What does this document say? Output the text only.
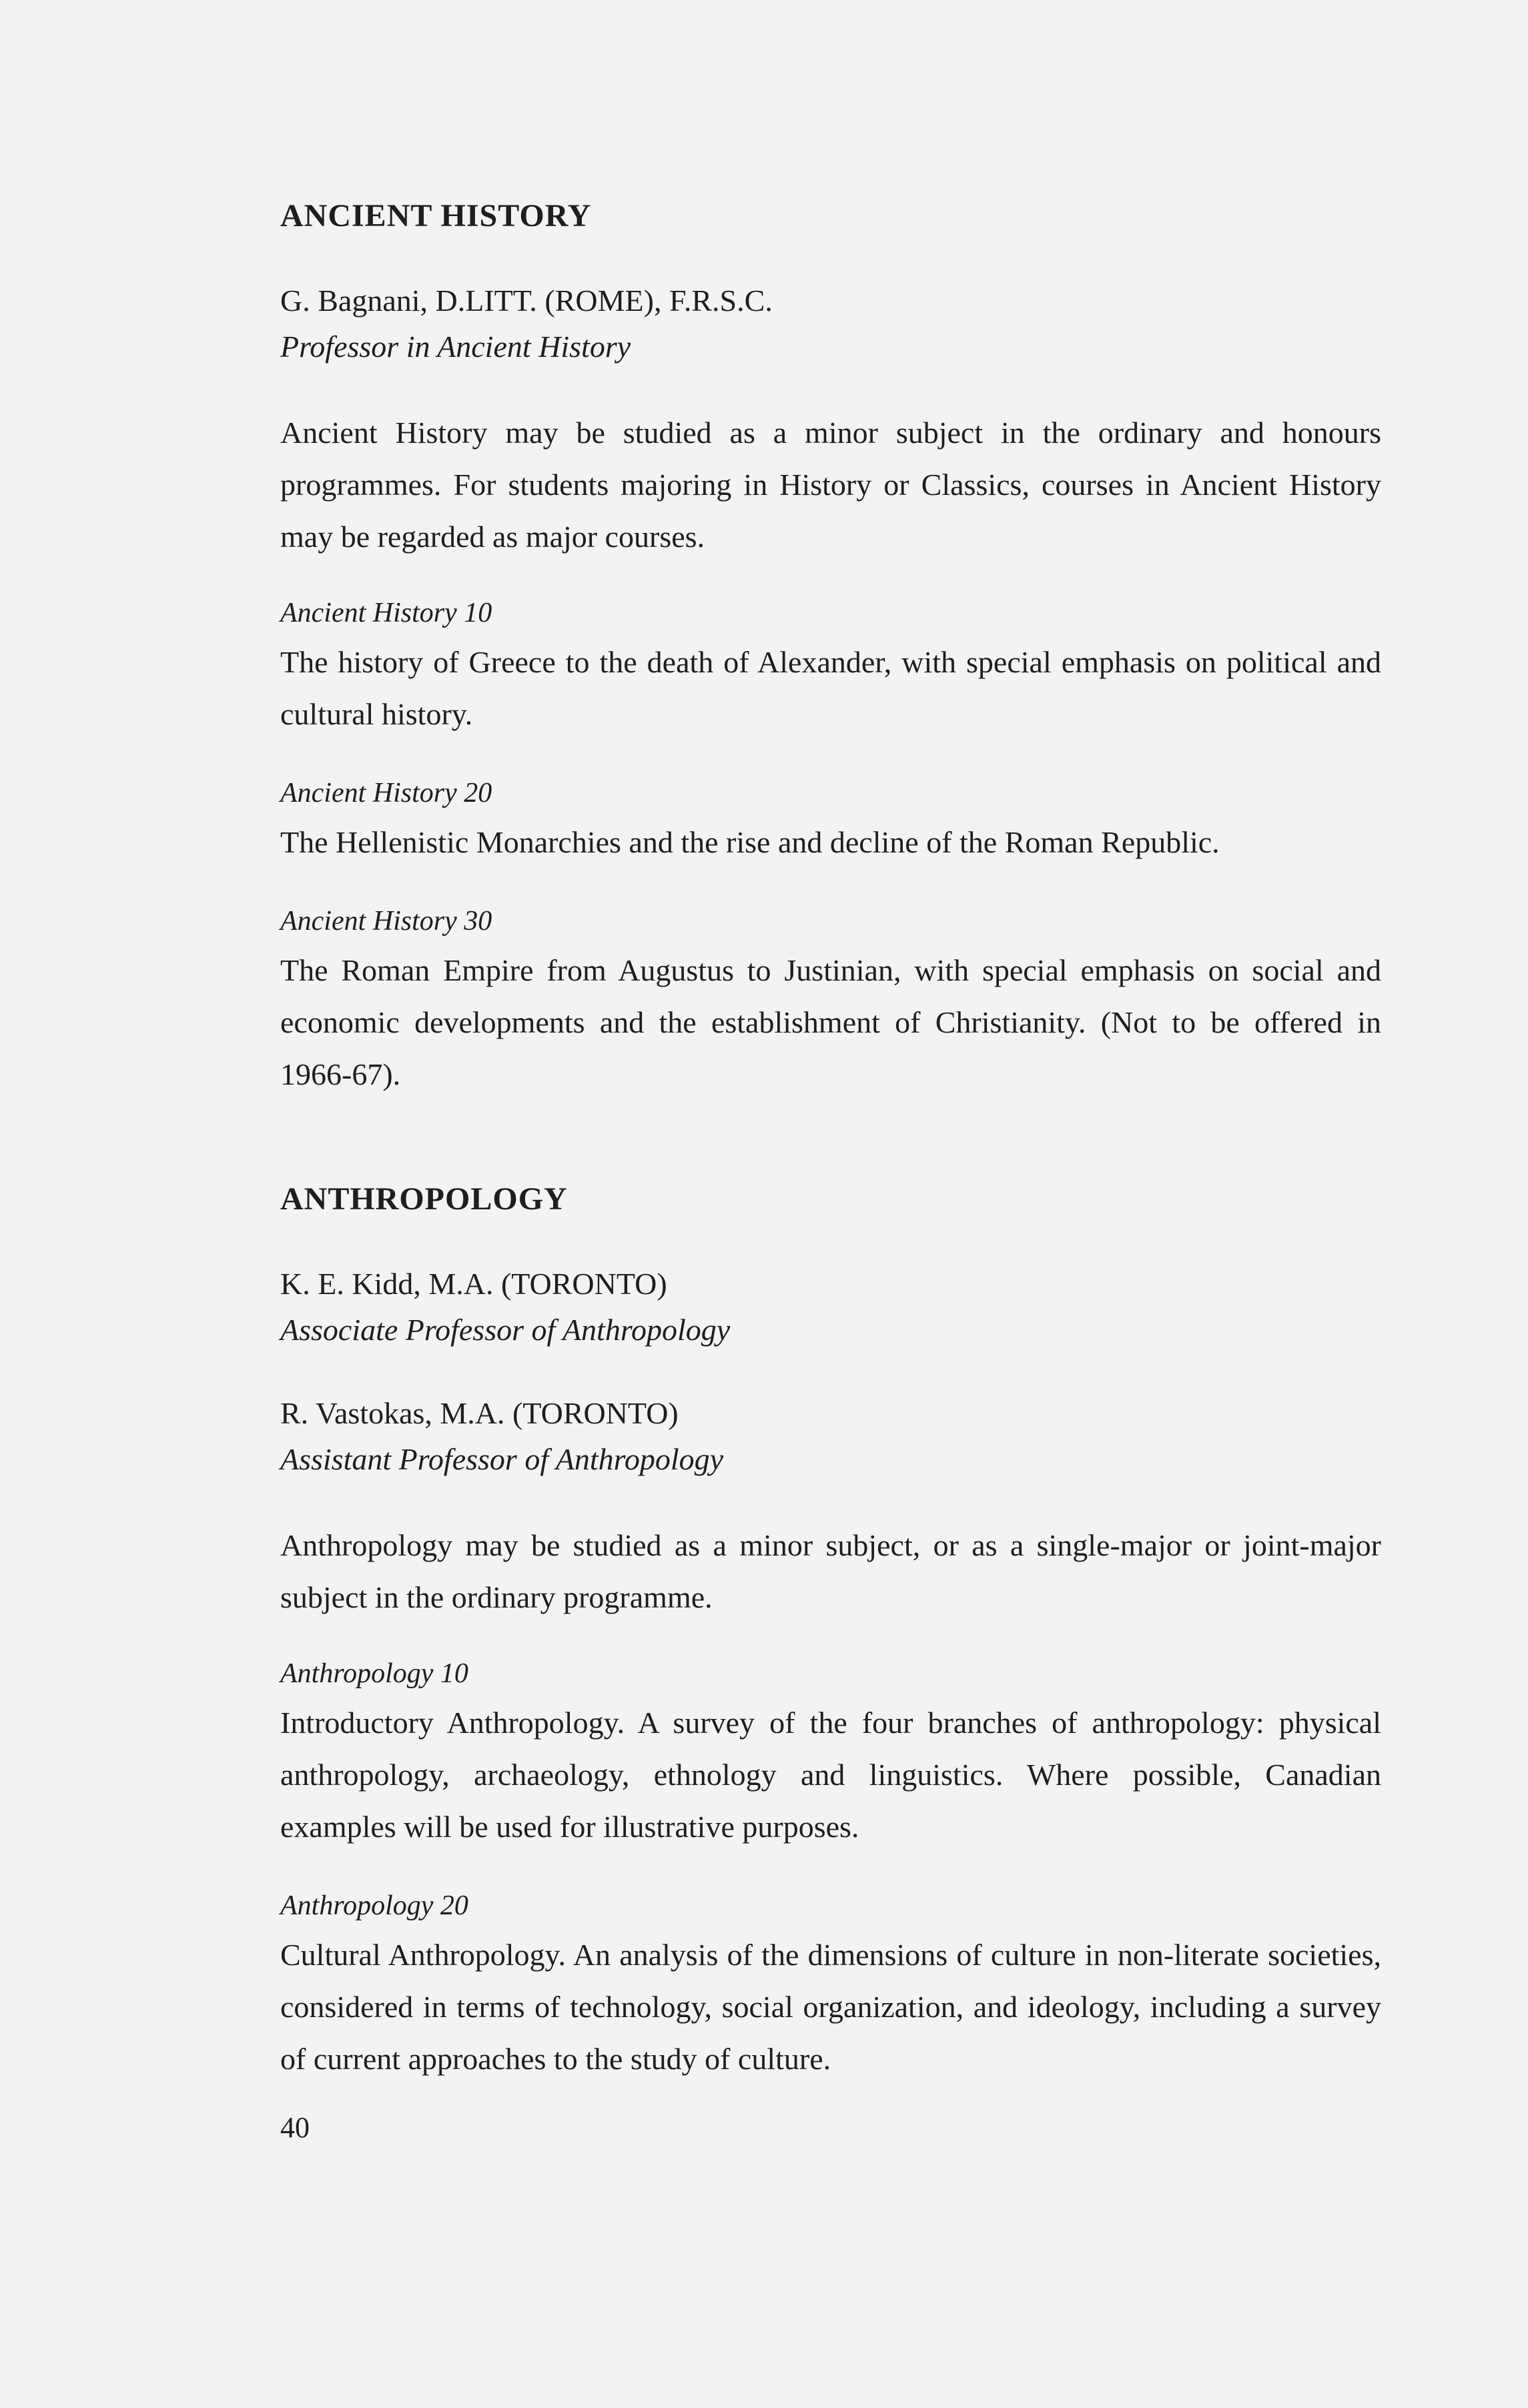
ANCIENT HISTORY
G. Bagnani, D.LITT. (ROME), F.R.S.C.
Professor in Ancient History

Ancient History may be studied as a minor subject in the ordinary and honours programmes. For students majoring in History or Classics, courses in Ancient History may be regarded as major courses.

Ancient History 10

The history of Greece to the death of Alexander, with special emphasis on political and cultural history.

Ancient History 20

The Hellenistic Monarchies and the rise and decline of the Roman Republic.

Ancient History 30

The Roman Empire from Augustus to Justinian, with special emphasis on social and economic developments and the establishment of Christianity. (Not to be offered in 1966-67).

ANTHROPOLOGY
K. E. Kidd, M.A. (TORONTO)
Associate Professor of Anthropology
R. Vastokas, M.A. (TORONTO)
Assistant Professor of Anthropology

Anthropology may be studied as a minor subject, or as a single-major or joint-major subject in the ordinary programme.

Anthropology 10

Introductory Anthropology. A survey of the four branches of anthropology: physical anthropology, archaeology, ethnology and linguistics. Where possible, Canadian examples will be used for illustrative purposes.

Anthropology 20

Cultural Anthropology. An analysis of the dimensions of culture in non-literate societies, considered in terms of technology, social organization, and ideology, including a survey of current approaches to the study of culture.

40
